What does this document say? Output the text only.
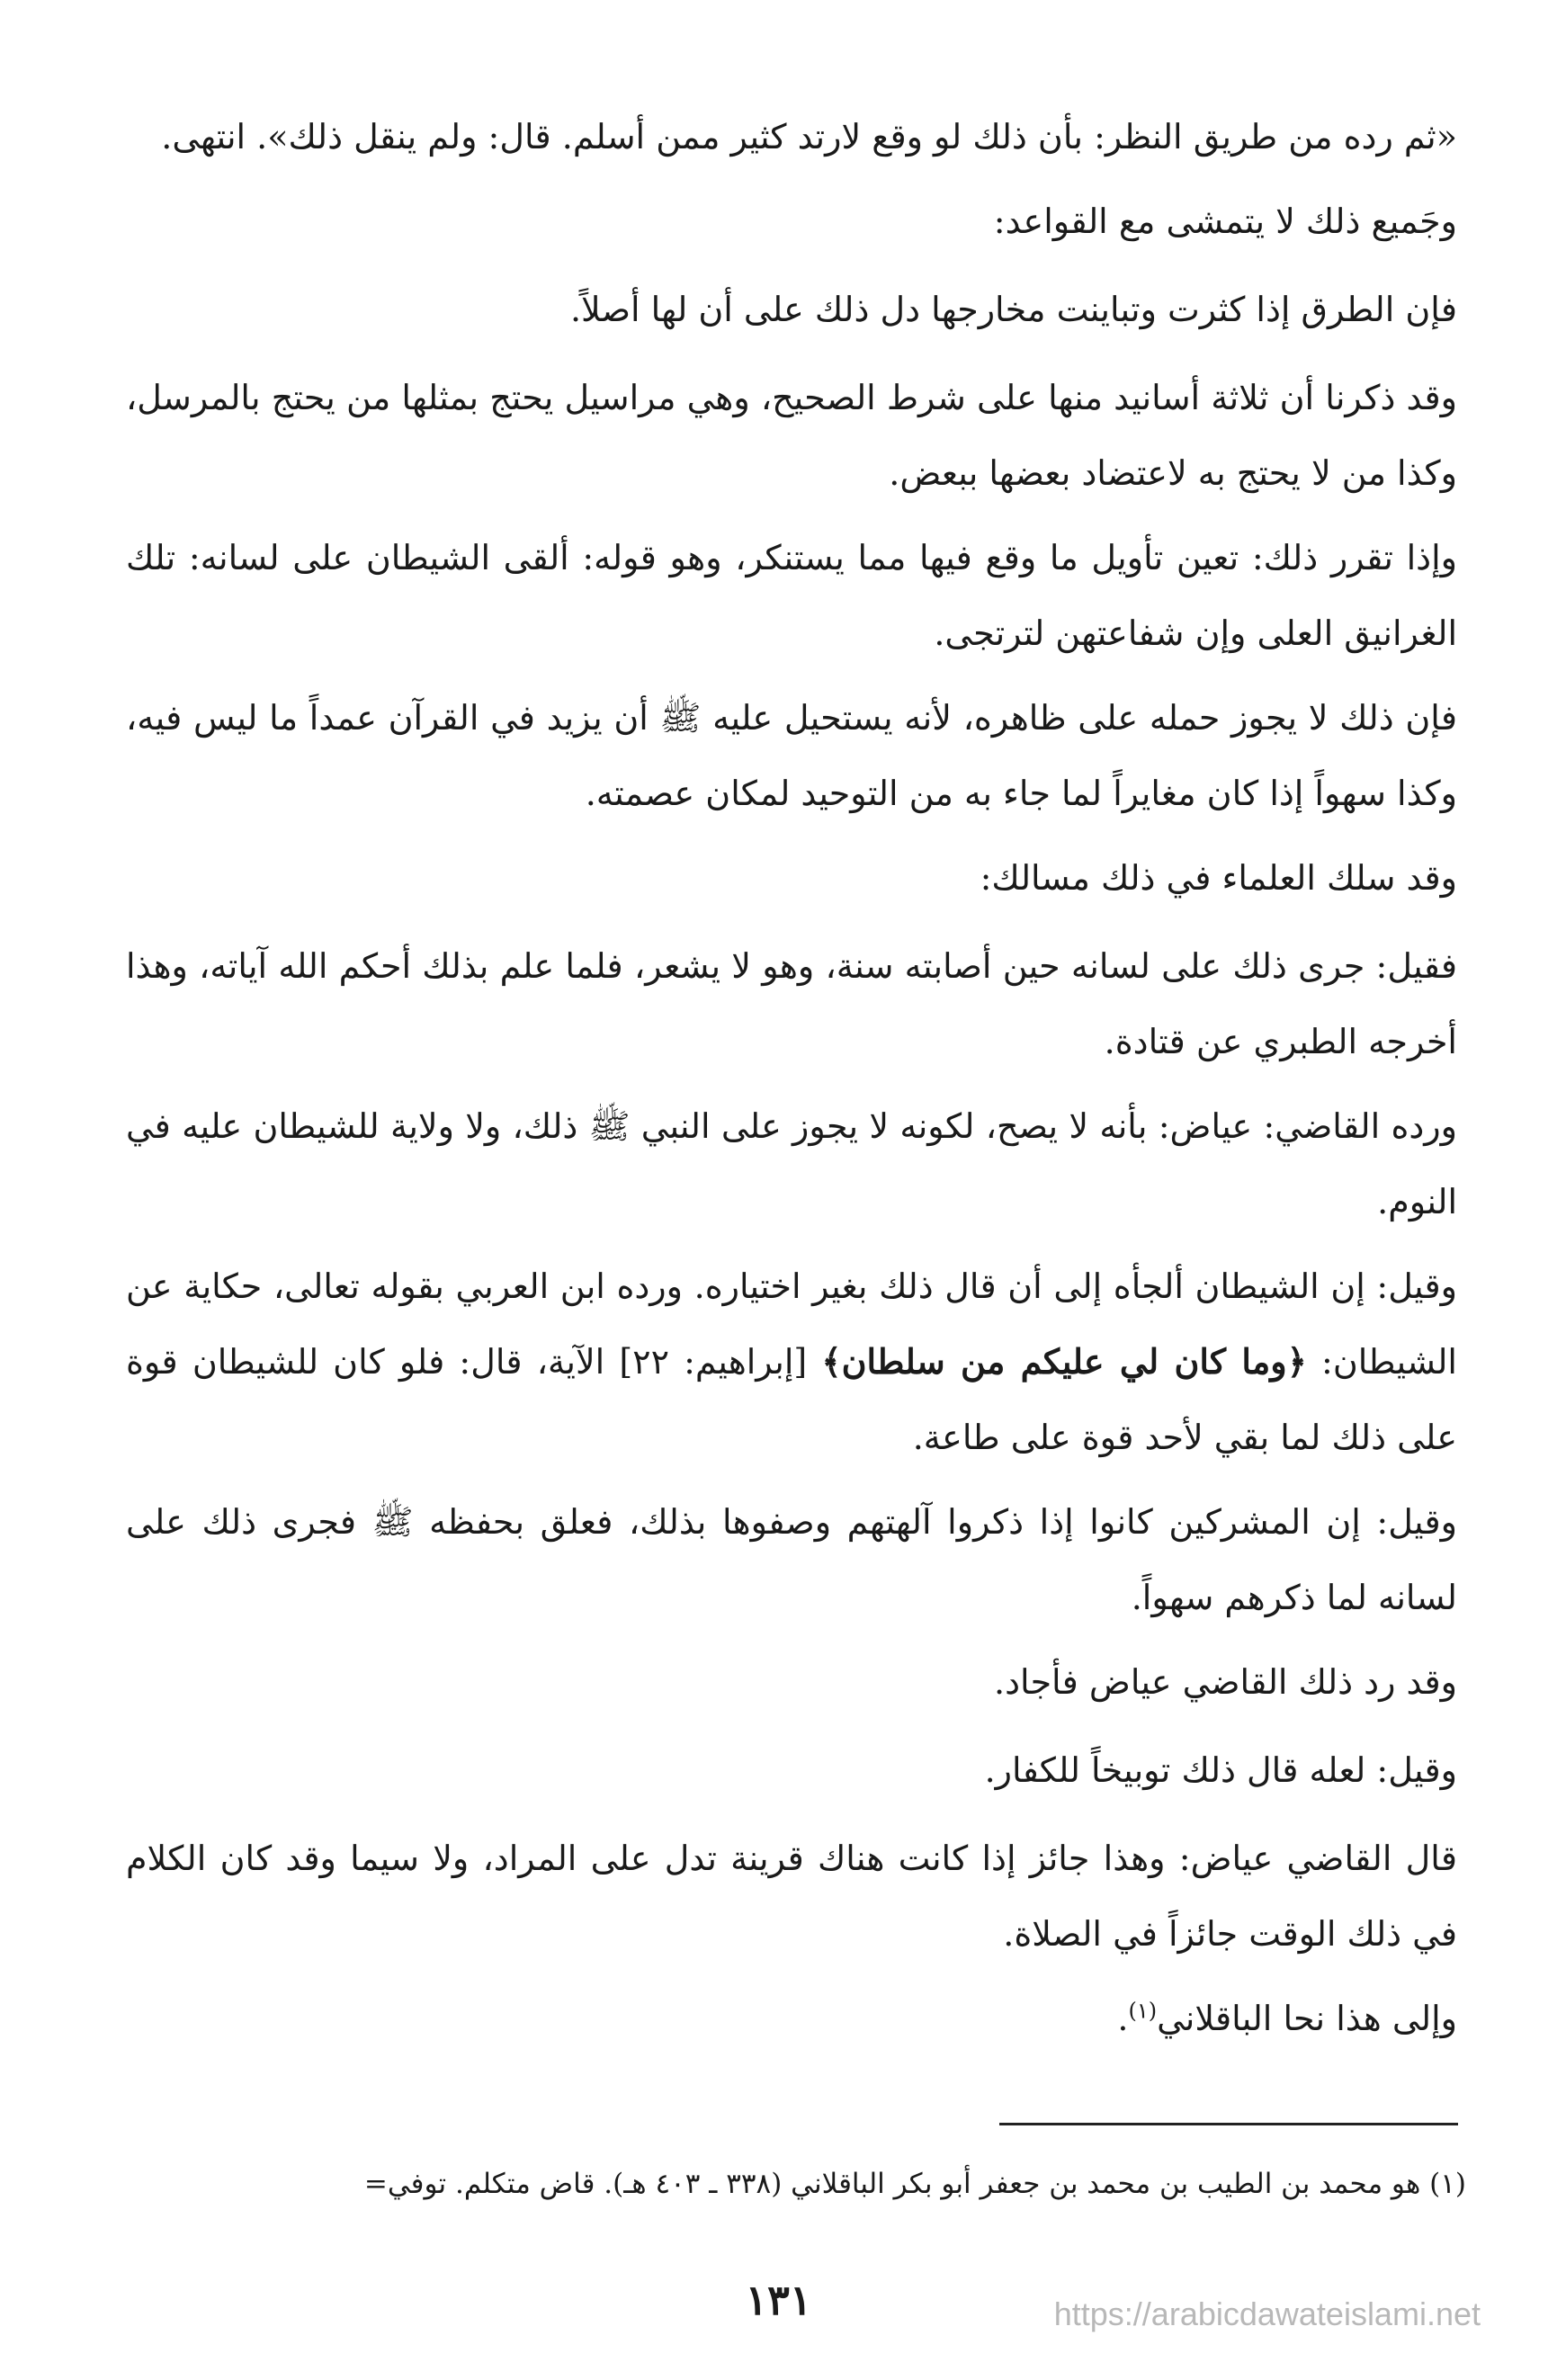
«ثم رده من طريق النظر: بأن ذلك لو وقع لارتد كثير ممن أسلم. قال: ولم ينقل ذلك». انتهى.

وجَميع ذلك لا يتمشى مع القواعد:

فإن الطرق إذا كثرت وتباينت مخارجها دل ذلك على أن لها أصلاً.

وقد ذكرنا أن ثلاثة أسانيد منها على شرط الصحيح، وهي مراسيل يحتج بمثلها من يحتج بالمرسل، وكذا من لا يحتج به لاعتضاد بعضها ببعض.

وإذا تقرر ذلك: تعين تأويل ما وقع فيها مما يستنكر، وهو قوله: ألقى الشيطان على لسانه: تلك الغرانيق العلى وإن شفاعتهن لترتجى.

فإن ذلك لا يجوز حمله على ظاهره، لأنه يستحيل عليه ﷺ أن يزيد في القرآن عمداً ما ليس فيه، وكذا سهواً إذا كان مغايراً لما جاء به من التوحيد لمكان عصمته.

وقد سلك العلماء في ذلك مسالك:

فقيل: جرى ذلك على لسانه حين أصابته سنة، وهو لا يشعر، فلما علم بذلك أحكم الله آياته، وهذا أخرجه الطبري عن قتادة.

ورده القاضي: عياض: بأنه لا يصح، لكونه لا يجوز على النبي ﷺ ذلك، ولا ولاية للشيطان عليه في النوم.

وقيل: إن الشيطان ألجأه إلى أن قال ذلك بغير اختياره. ورده ابن العربي بقوله تعالى، حكاية عن الشيطان: ﴿وما كان لي عليكم من سلطان﴾ [إبراهيم: ٢٢] الآية، قال: فلو كان للشيطان قوة على ذلك لما بقي لأحد قوة على طاعة.

وقيل: إن المشركين كانوا إذا ذكروا آلهتهم وصفوها بذلك، فعلق بحفظه ﷺ فجرى ذلك على لسانه لما ذكرهم سهواً.

وقد رد ذلك القاضي عياض فأجاد.

وقيل: لعله قال ذلك توبيخاً للكفار.

قال القاضي عياض: وهذا جائز إذا كانت هناك قرينة تدل على المراد، ولا سيما وقد كان الكلام في ذلك الوقت جائزاً في الصلاة.

وإلى هذا نحا الباقلاني$^{(١)}$.

(١) هو محمد بن الطيب بن محمد بن جعفر أبو بكر الباقلاني (٣٣٨ ـ ٤٠٣ هـ). قاض متكلم. توفي=
١٣١	https://arabicdawateislami.net
